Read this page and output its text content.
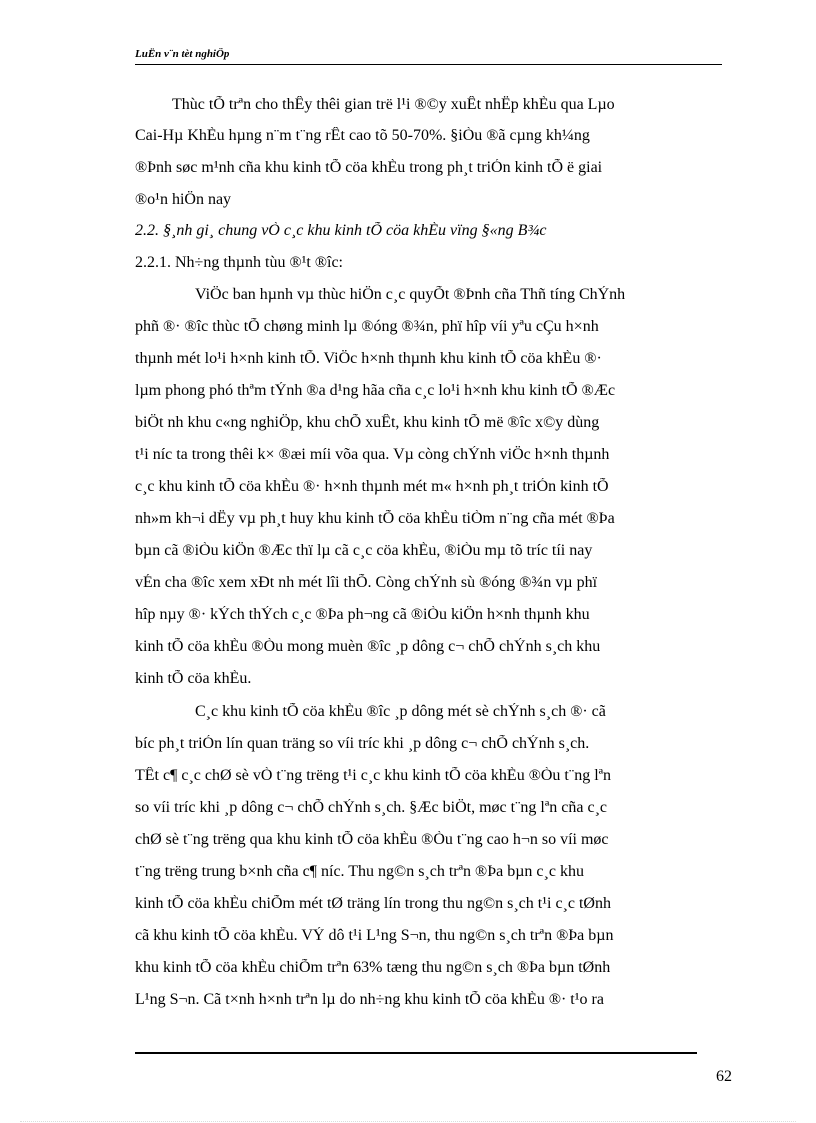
LuËn v¨n tèt nghiÖp
Thùc tÕ trªn cho thÊy thêi gian trë l¹i ®©y xuÊt nhËp khÈu qua Lµo
Cai-Hµ KhÈu hµng n¨m t¨ng rÊt cao tõ 50-70%. §iÒu ®ã cµng kh¼ng
®Þnh søc m¹nh cña khu kinh tÕ cöa khÈu trong ph¸t triÓn kinh tÕ ë giai
®o¹n hiÖn nay
2.2. §¸nh gi¸ chung vÒ c¸c khu kinh tÕ cöa khÈu vïng §«ng B¾c
2.2.1. Nh÷ng thµnh tùu ®¹t ®îc:
ViÖc ban hµnh vµ thùc hiÖn c¸c quyÕt ®Þnh cña Thñ tíng ChÝnh
phñ ®· ®îc thùc tÕ chøng minh lµ ®óng ®¾n, phï hîp víi yªu cÇu h×nh
thµnh mét lo¹i h×nh kinh tÕ. ViÖc h×nh thµnh khu kinh tÕ cöa khÈu ®·
lµm phong phó thªm tÝnh ®a d¹ng hãa cña c¸c lo¹i h×nh khu kinh tÕ ®Æc
biÖt nh khu c«ng nghiÖp, khu chÕ xuÊt, khu kinh tÕ më ®îc x©y dùng
t¹i níc ta trong thêi k× ®æi míi võa qua. Vµ còng chÝnh viÖc h×nh thµnh
c¸c khu kinh tÕ cöa khÈu ®· h×nh thµnh mét m« h×nh ph¸t triÓn kinh tÕ
nh»m kh¬i dËy vµ ph¸t huy khu kinh tÕ cöa khÈu tiÒm n¨ng cña mét ®Þa
bµn cã ®iÒu kiÖn ®Æc thï lµ cã c¸c cöa khÈu, ®iÒu mµ tõ tríc tíi nay
vÉn cha ®îc xem xÐt nh mét lîi thÕ. Còng chÝnh sù ®óng ®¾n vµ phï
hîp nµy ®· kÝch thÝch c¸c ®Þa ph¬ng cã ®iÒu kiÖn h×nh thµnh khu
kinh tÕ cöa khÈu ®Òu mong muèn ®îc ¸p dông c¬ chÕ chÝnh s¸ch khu
kinh tÕ cöa khÈu.
C¸c khu kinh tÕ cöa khÈu ®îc ¸p dông mét sè chÝnh s¸ch ®· cã
bíc ph¸t triÓn lín quan träng so víi tríc khi ¸p dông c¬ chÕ chÝnh s¸ch.
TÊt c¶ c¸c chØ sè vÒ t¨ng trëng t¹i c¸c khu kinh tÕ cöa khÈu ®Òu t¨ng lªn
so víi tríc khi ¸p dông c¬ chÕ chÝnh s¸ch. §Æc biÖt, møc t¨ng lªn cña c¸c
chØ sè t¨ng trëng qua khu kinh tÕ cöa khÈu ®Òu t¨ng cao h¬n so víi møc
t¨ng trëng trung b×nh cña c¶ níc. Thu ng©n s¸ch trªn ®Þa bµn c¸c khu
kinh tÕ cöa khÈu chiÕm mét tØ träng lín trong thu ng©n s¸ch t¹i c¸c tØnh
cã khu kinh tÕ cöa khÈu. VÝ dô t¹i L¹ng S¬n, thu ng©n s¸ch trªn ®Þa bµn
khu kinh tÕ cöa khÈu chiÕm trªn 63% tæng thu ng©n s¸ch ®Þa bµn tØnh
L¹ng S¬n. Cã t×nh h×nh trªn lµ do nh÷ng khu kinh tÕ cöa khÈu ®· t¹o ra
62
